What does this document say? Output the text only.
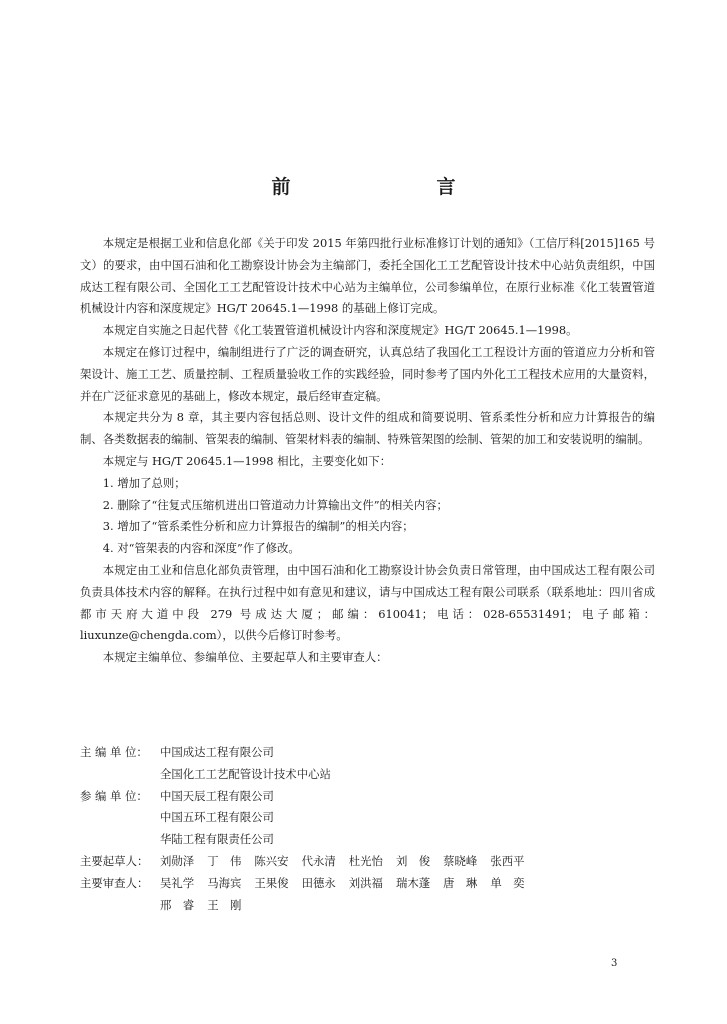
前　　言

本规定是根据工业和信息化部《关于印发 2015 年第四批行业标准修订计划的通知》（工信厅科[2015]165 号文）的要求，由中国石油和化工勘察设计协会为主编部门，委托全国化工工艺配管设计技术中心站负责组织，中国成达工程有限公司、全国化工工艺配管设计技术中心站为主编单位，公司参编单位，在原行业标准《化工装置管道机械设计内容和深度规定》HG/T 20645.1—1998 的基础上修订完成。

本规定自实施之日起代替《化工装置管道机械设计内容和深度规定》HG/T 20645.1—1998。

本规定在修订过程中，编制组进行了广泛的调查研究，认真总结了我国化工工程设计方面的管道应力分析和管架设计、施工工艺、质量控制、工程质量验收工作的实践经验，同时参考了国内外化工工程技术应用的大量资料，并在广泛征求意见的基础上，修改本规定，最后经审查定稿。

本规定共分为 8 章，其主要内容包括总则、设计文件的组成和简要说明、管系柔性分析和应力计算报告的编制、各类数据表的编制、管架表的编制、管架材料表的编制、特殊管架图的绘制、管架的加工和安装说明的编制。

本规定与 HG/T 20645.1—1998 相比，主要变化如下：

1. 增加了总则；

2. 删除了“往复式压缩机进出口管道动力计算输出文件”的相关内容；

3. 增加了“管系柔性分析和应力计算报告的编制”的相关内容；

4. 对“管架表的内容和深度”作了修改。

本规定由工业和信息化部负责管理，由中国石油和化工勘察设计协会负责日常管理，由中国成达工程有限公司负责具体技术内容的解释。在执行过程中如有意见和建议，请与中国成达工程有限公司联系（联系地址：四川省成都市天府大道中段 279 号成达大厦；邮编：610041；电话：028-65531491；电子邮箱：liuxunze@chengda.com），以供今后修订时参考。

本规定主编单位、参编单位、主要起草人和主要审查人：

主 编 单 位：	中国成达工程有限公司
全国化工工艺配管设计技术中心站
参 编 单 位：	中国天辰工程有限公司
中国五环工程有限公司
华陆工程有限责任公司
主要起草人：	刘勋泽 丁　伟 陈兴安 代永清 杜光怡 刘　俊 蔡晓峰 张西平
主要审查人：	吴礼学 马海宾 王果俊 田德永 刘洪福 瑞木蓬 唐　琳 单　奕
邢　睿 王　刚
3
